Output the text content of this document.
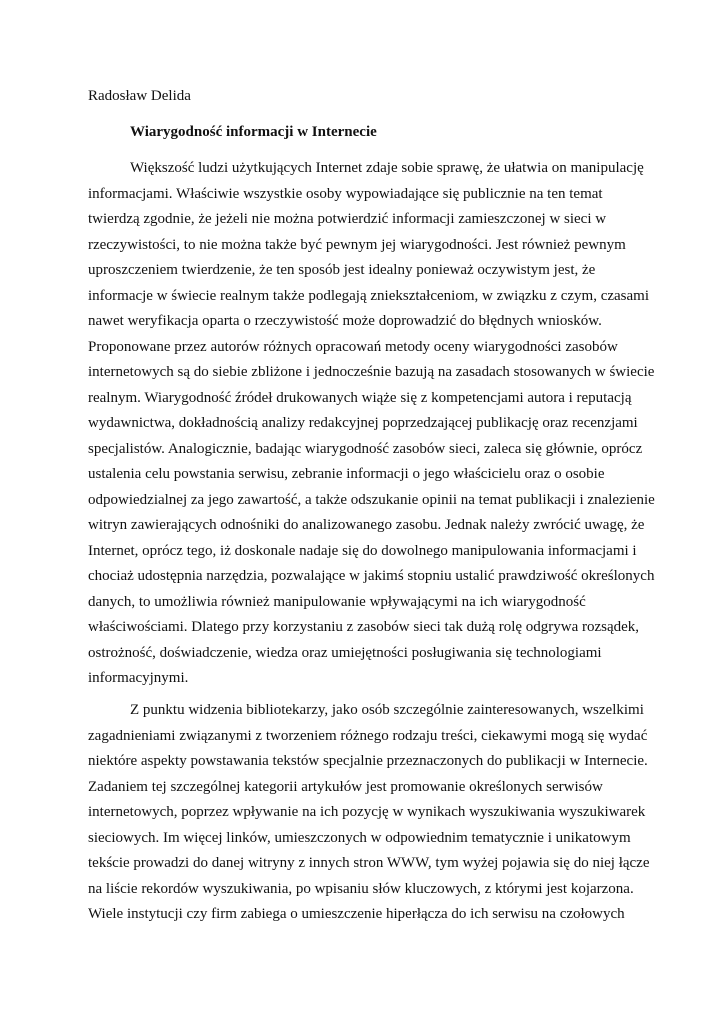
Radosław Delida
Wiarygodność informacji w Internecie
Większość ludzi użytkujących Internet zdaje sobie sprawę, że ułatwia on manipulację
informacjami. Właściwie wszystkie osoby wypowiadające się publicznie na ten temat
twierdzą zgodnie, że jeżeli nie można potwierdzić informacji zamieszczonej w sieci w
rzeczywistości, to nie można także być pewnym jej wiarygodności. Jest również pewnym
uproszczeniem twierdzenie, że ten sposób jest idealny ponieważ oczywistym jest, że
informacje w świecie realnym także podlegają zniekształceniom, w związku z czym, czasami
nawet weryfikacja oparta o rzeczywistość może doprowadzić do błędnych wniosków.
Proponowane przez autorów różnych opracowań metody oceny wiarygodności zasobów
internetowych są do siebie zbliżone i jednocześnie bazują na zasadach stosowanych w świecie
realnym. Wiarygodność źródeł drukowanych wiąże się z kompetencjami autora i reputacją
wydawnictwa, dokładnością analizy redakcyjnej poprzedzającej publikację oraz recenzjami
specjalistów. Analogicznie, badając wiarygodność zasobów sieci, zaleca się głównie, oprócz
ustalenia celu powstania serwisu, zebranie informacji o jego właścicielu oraz o osobie
odpowiedzialnej za jego zawartość, a także odszukanie opinii na temat publikacji i znalezienie
witryn zawierających odnośniki do analizowanego zasobu. Jednak należy zwrócić uwagę, że
Internet, oprócz tego, iż doskonale nadaje się do dowolnego manipulowania informacjami i
chociaż udostępnia narzędzia, pozwalające w jakimś stopniu ustalić prawdziwość określonych
danych, to umożliwia również manipulowanie wpływającymi na ich wiarygodność
właściwościami. Dlatego przy korzystaniu z zasobów sieci tak dużą rolę odgrywa rozsądek,
ostrożność, doświadczenie, wiedza oraz umiejętności posługiwania się technologiami
informacyjnymi.
Z punktu widzenia bibliotekarzy, jako osób szczególnie zainteresowanych, wszelkimi
zagadnieniami związanymi z tworzeniem różnego rodzaju treści, ciekawymi mogą się wydać
niektóre aspekty powstawania tekstów specjalnie przeznaczonych do publikacji w Internecie.
Zadaniem tej szczególnej kategorii artykułów jest promowanie określonych serwisów
internetowych, poprzez wpływanie na ich pozycję w wynikach wyszukiwania wyszukiwarek
sieciowych. Im więcej linków, umieszczonych w odpowiednim tematycznie i unikatowym
tekście prowadzi do danej witryny z innych stron WWW, tym wyżej pojawia się do niej łącze
na liście rekordów wyszukiwania, po wpisaniu słów kluczowych, z którymi jest kojarzona.
Wiele instytucji czy firm zabiega o umieszczenie hiperłącza do ich serwisu na czołowych
